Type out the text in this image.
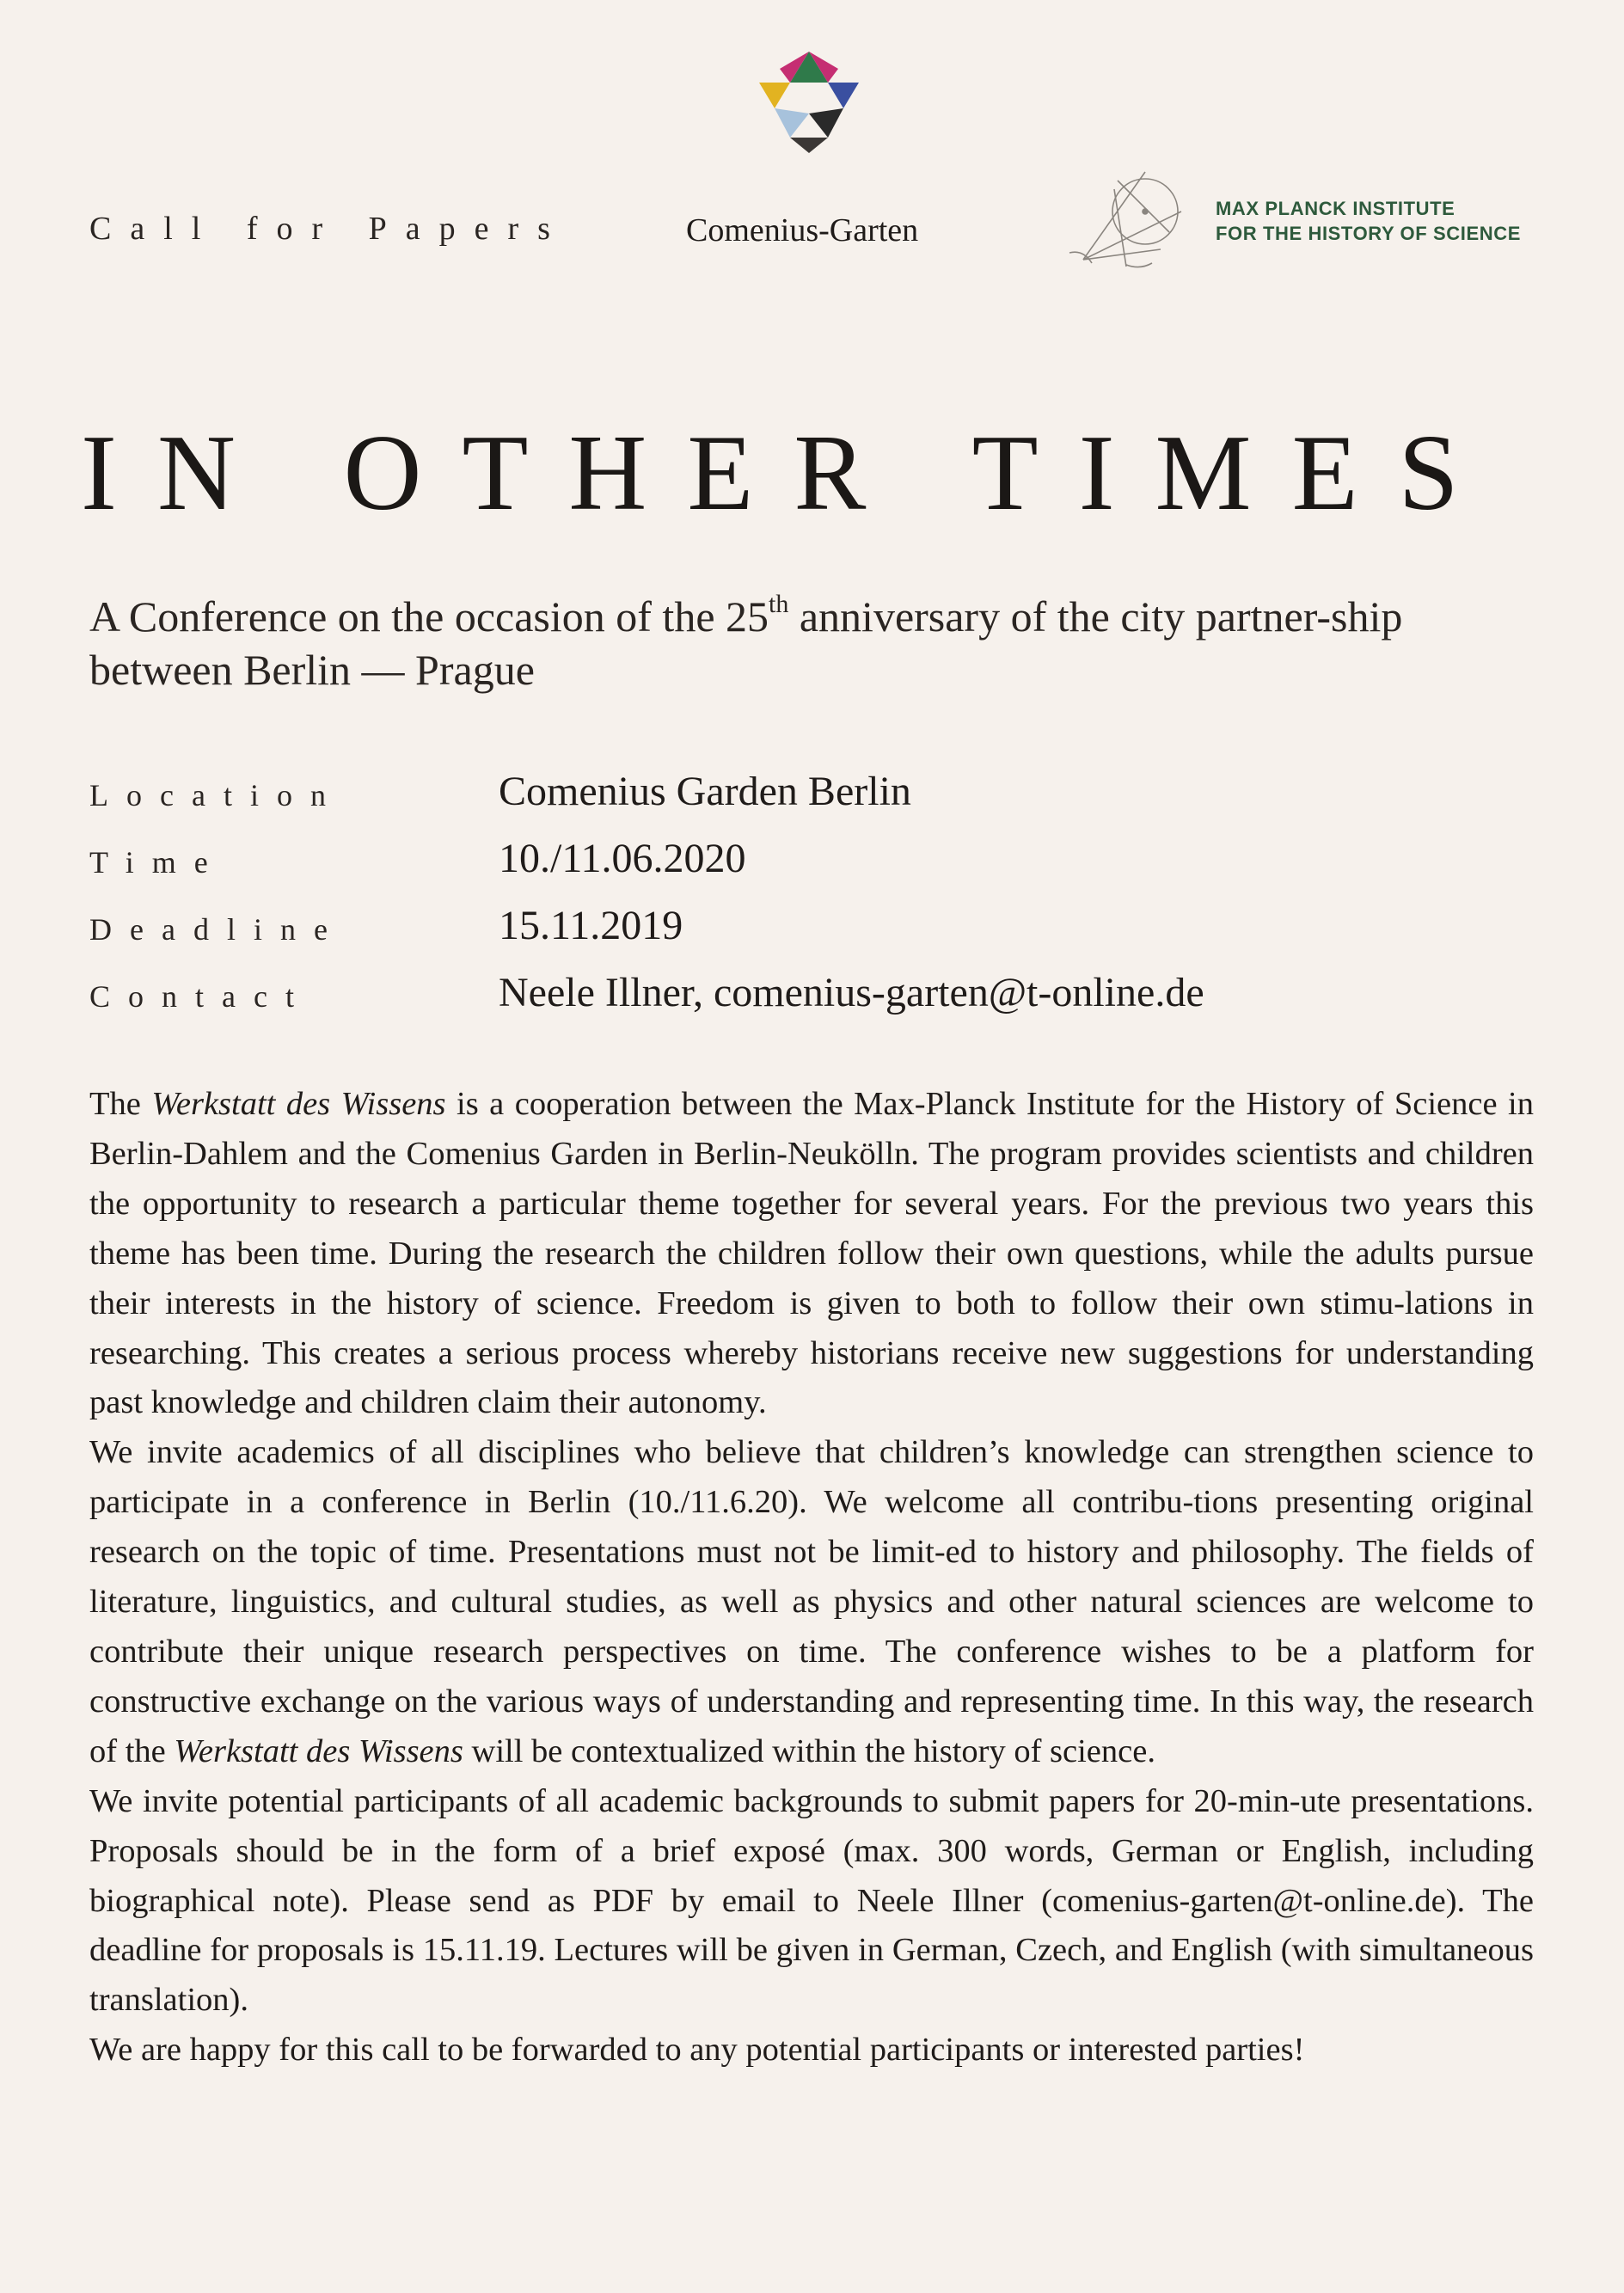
Call for Papers	Comenius-Garten
MAX PLANCK INSTITUTE
FOR THE HISTORY OF SCIENCE
IN OTHER TIMES
A Conference on the occasion of the 25th anniversary of the city partner-ship between Berlin — Prague
Location	Comenius Garden Berlin
Time	10./11.06.2020
Deadline	15.11.2019
Contact	Neele Illner, comenius-garten@t-online.de

The Werkstatt des Wissens is a cooperation between the Max-Planck Institute for the History of Science in Berlin-Dahlem and the Comenius Garden in Berlin-Neukölln. The program provides scientists and children the opportunity to research a particular theme together for several years. For the previous two years this theme has been time. During the research the children follow their own questions, while the adults pursue their interests in the history of science. Freedom is given to both to follow their own stimu-lations in researching. This creates a serious process whereby historians receive new suggestions for understanding past knowledge and children claim their autonomy.

We invite academics of all disciplines who believe that children’s knowledge can strengthen science to participate in a conference in Berlin (10./11.6.20). We welcome all contribu-tions presenting original research on the topic of time. Presentations must not be limit-ed to history and philosophy. The fields of literature, linguistics, and cultural studies, as well as physics and other natural sciences are welcome to contribute their unique research perspectives on time. The conference wishes to be a platform for constructive exchange on the various ways of understanding and representing time. In this way, the research of the Werkstatt des Wissens will be contextualized within the history of science.

We invite potential participants of all academic backgrounds to submit papers for 20-min-ute presentations. Proposals should be in the form of a brief exposé (max. 300 words, German or English, including biographical note). Please send as PDF by email to Neele Illner (comenius-garten@t-online.de). The deadline for proposals is 15.11.19. Lectures will be given in German, Czech, and English (with simultaneous translation).

We are happy for this call to be forwarded to any potential participants or interested parties!
